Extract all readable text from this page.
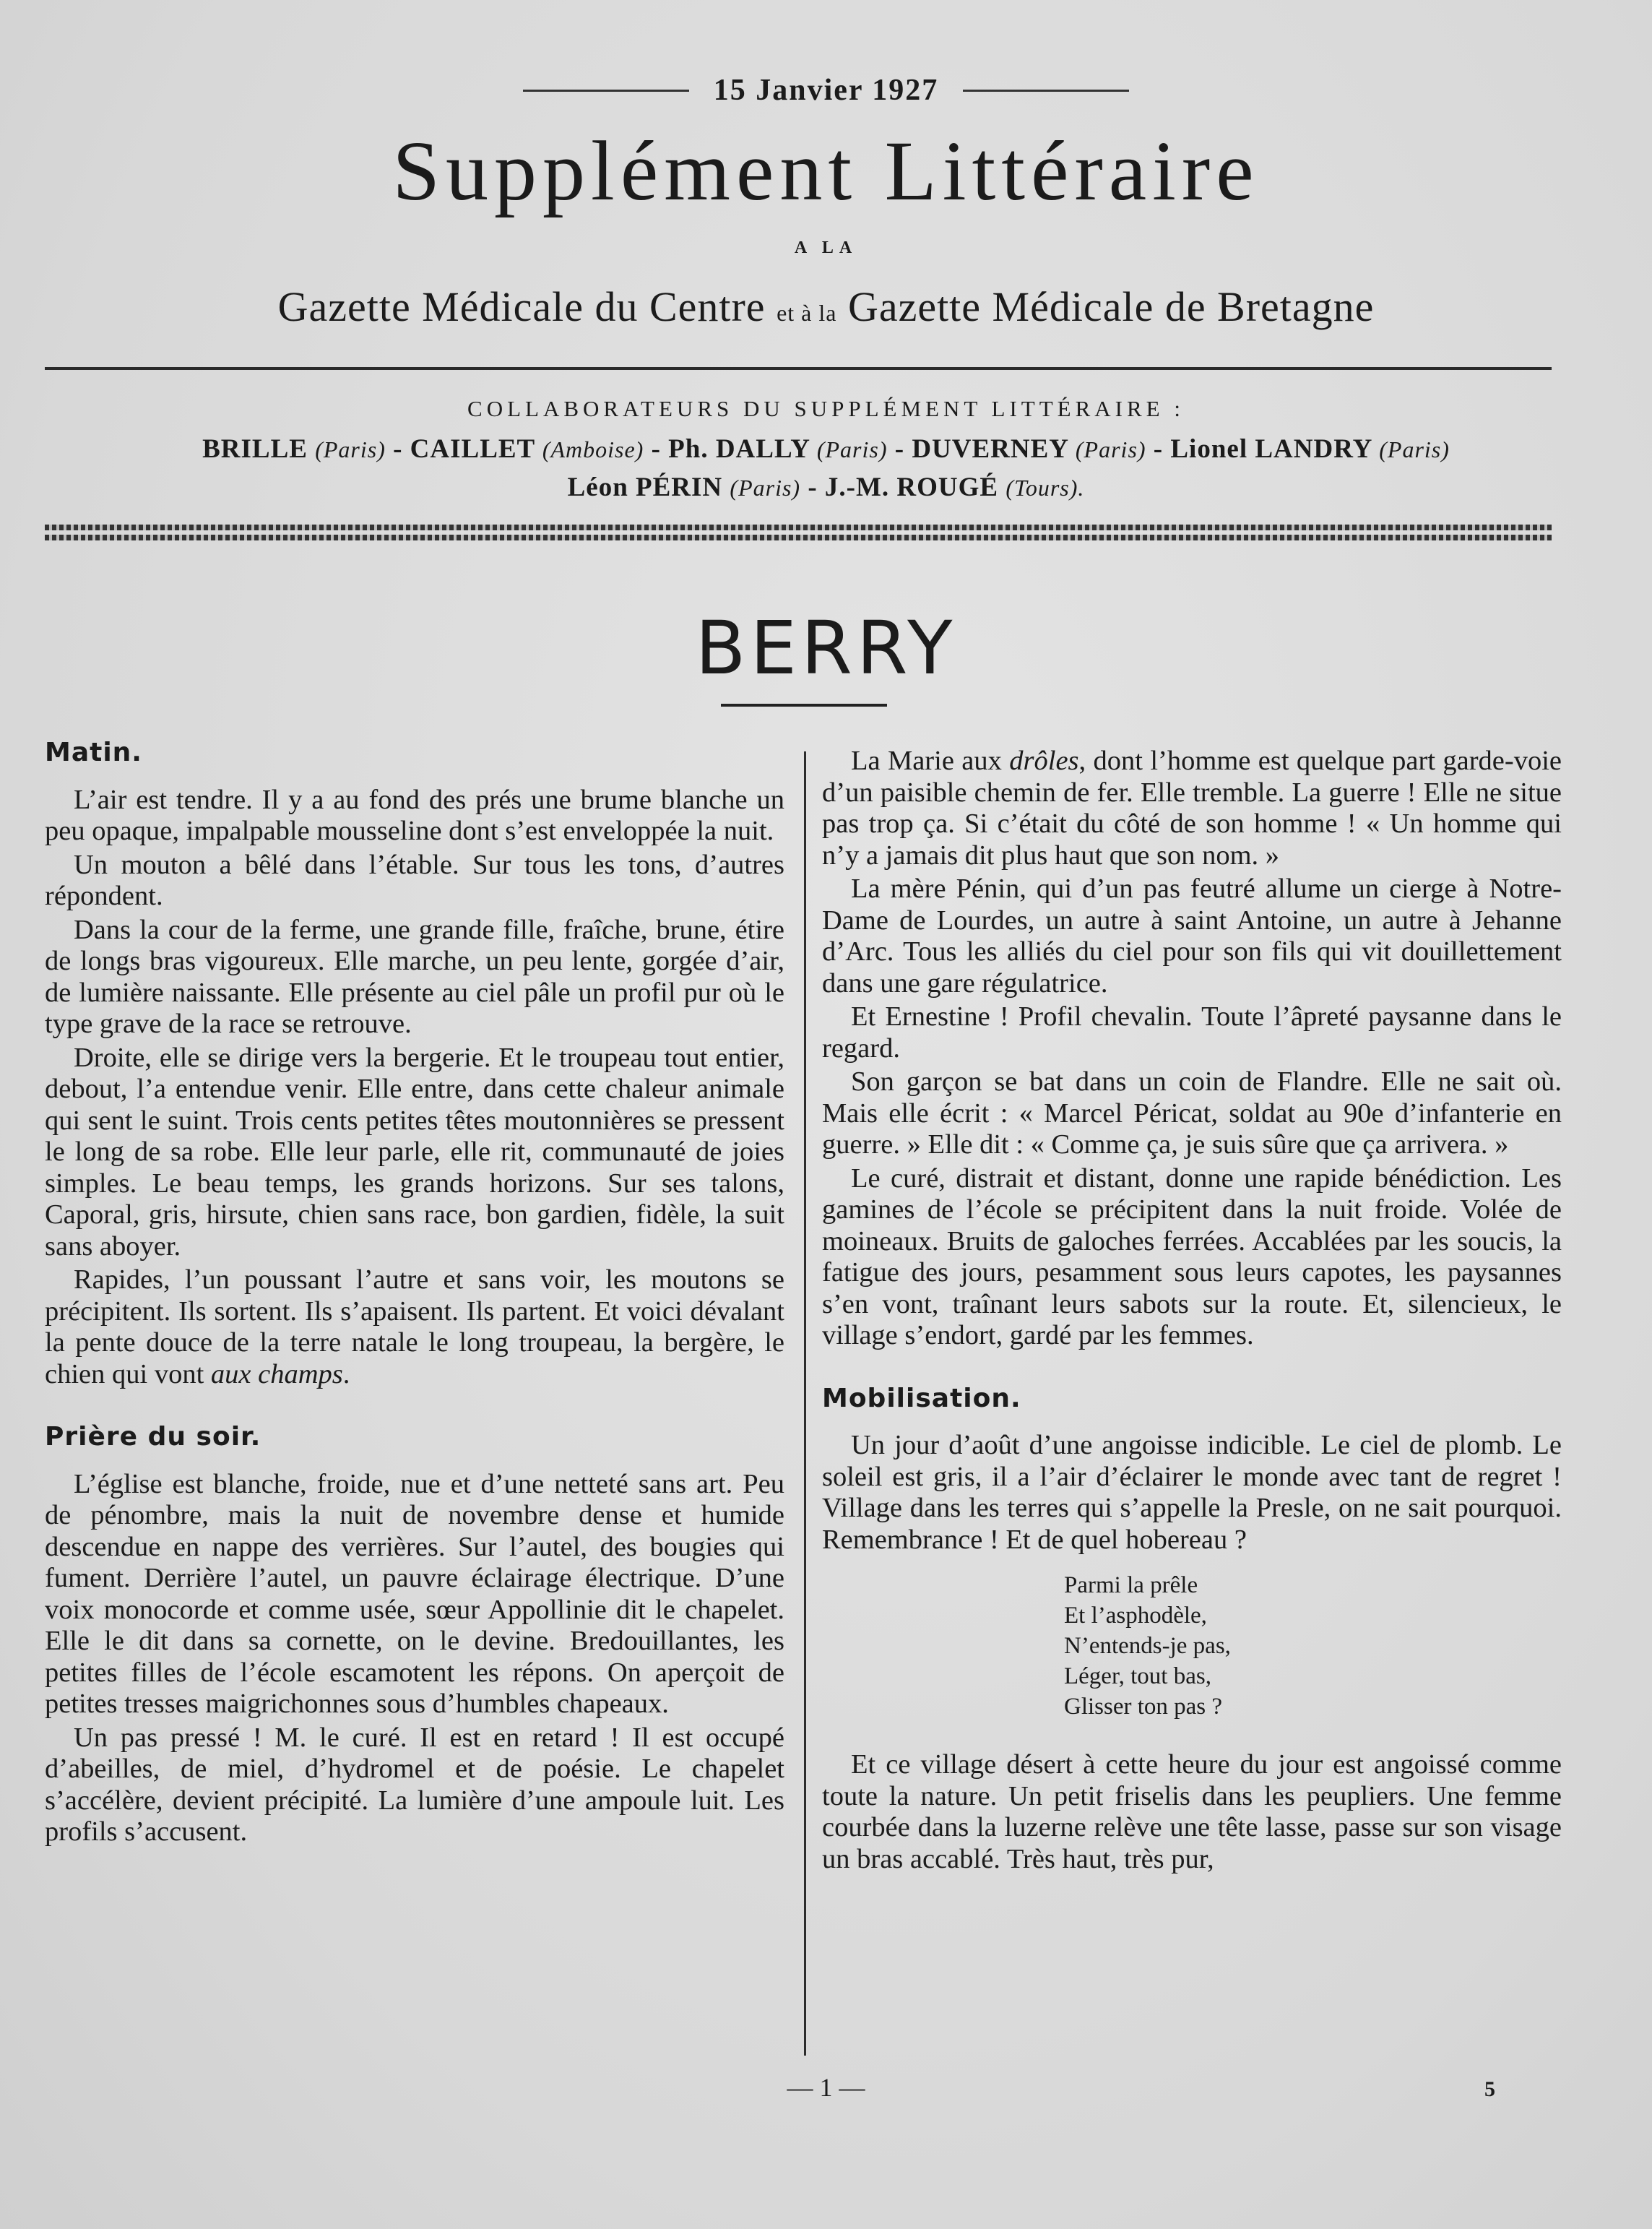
15 Janvier 1927
Supplément Littéraire
A LA
Gazette Médicale du Centre et à la Gazette Médicale de Bretagne
COLLABORATEURS DU SUPPLÉMENT LITTÉRAIRE :
BRILLE (Paris) - CAILLET (Amboise) - Ph. DALLY (Paris) - DUVERNEY (Paris) - Lionel LANDRY (Paris)
Léon PÉRIN (Paris) - J.-M. ROUGÉ (Tours).
BERRY
Matin.

L’air est tendre. Il y a au fond des prés une brume blanche un peu opaque, impalpable mousseline dont s’est enveloppée la nuit.

Un mouton a bêlé dans l’étable. Sur tous les tons, d’autres répondent.

Dans la cour de la ferme, une grande fille, fraîche, brune, étire de longs bras vigoureux. Elle marche, un peu lente, gorgée d’air, de lumière naissante. Elle présente au ciel pâle un profil pur où le type grave de la race se retrouve.

Droite, elle se dirige vers la bergerie. Et le troupeau tout entier, debout, l’a entendue venir. Elle entre, dans cette chaleur animale qui sent le suint. Trois cents petites têtes moutonnières se pressent le long de sa robe. Elle leur parle, elle rit, communauté de joies simples. Le beau temps, les grands horizons. Sur ses talons, Caporal, gris, hirsute, chien sans race, bon gardien, fidèle, la suit sans aboyer.

Rapides, l’un poussant l’autre et sans voir, les moutons se précipitent. Ils sortent. Ils s’apaisent. Ils partent. Et voici dévalant la pente douce de la terre natale le long troupeau, la bergère, le chien qui vont aux champs.

Prière du soir.

L’église est blanche, froide, nue et d’une netteté sans art. Peu de pénombre, mais la nuit de novembre dense et humide descendue en nappe des verrières. Sur l’autel, des bougies qui fument. Derrière l’autel, un pauvre éclairage électrique. D’une voix monocorde et comme usée, sœur Appollinie dit le chapelet. Elle le dit dans sa cornette, on le devine. Bredouillantes, les petites filles de l’école escamotent les répons. On aperçoit de petites tresses maigrichonnes sous d’humbles chapeaux.

Un pas pressé ! M. le curé. Il est en retard ! Il est occupé d’abeilles, de miel, d’hydromel et de poésie. Le chapelet s’accélère, devient précipité. La lumière d’une ampoule luit. Les profils s’accusent.

La Marie aux drôles, dont l’homme est quelque part garde-voie d’un paisible chemin de fer. Elle tremble. La guerre ! Elle ne situe pas trop ça. Si c’était du côté de son homme ! « Un homme qui n’y a jamais dit plus haut que son nom. »

La mère Pénin, qui d’un pas feutré allume un cierge à Notre-Dame de Lourdes, un autre à saint Antoine, un autre à Jehanne d’Arc. Tous les alliés du ciel pour son fils qui vit douillettement dans une gare régulatrice.

Et Ernestine ! Profil chevalin. Toute l’âpreté paysanne dans le regard.

Son garçon se bat dans un coin de Flandre. Elle ne sait où. Mais elle écrit : « Marcel Péricat, soldat au 90e d’infanterie en guerre. » Elle dit : « Comme ça, je suis sûre que ça arrivera. »

Le curé, distrait et distant, donne une rapide bénédiction. Les gamines de l’école se précipitent dans la nuit froide. Volée de moineaux. Bruits de galoches ferrées. Accablées par les soucis, la fatigue des jours, pesamment sous leurs capotes, les paysannes s’en vont, traînant leurs sabots sur la route. Et, silencieux, le village s’endort, gardé par les femmes.

Mobilisation.

Un jour d’août d’une angoisse indicible. Le ciel de plomb. Le soleil est gris, il a l’air d’éclairer le monde avec tant de regret ! Village dans les terres qui s’appelle la Presle, on ne sait pourquoi. Remembrance ! Et de quel hobereau ?

Parmi la prêle
Et l’asphodèle,
N’entends-je pas,
Léger, tout bas,
Glisser ton pas ?

Et ce village désert à cette heure du jour est angoissé comme toute la nature. Un petit friselis dans les peupliers. Une femme courbée dans la luzerne relève une tête lasse, passe sur son visage un bras accablé. Très haut, très pur,

— 1 —	5
